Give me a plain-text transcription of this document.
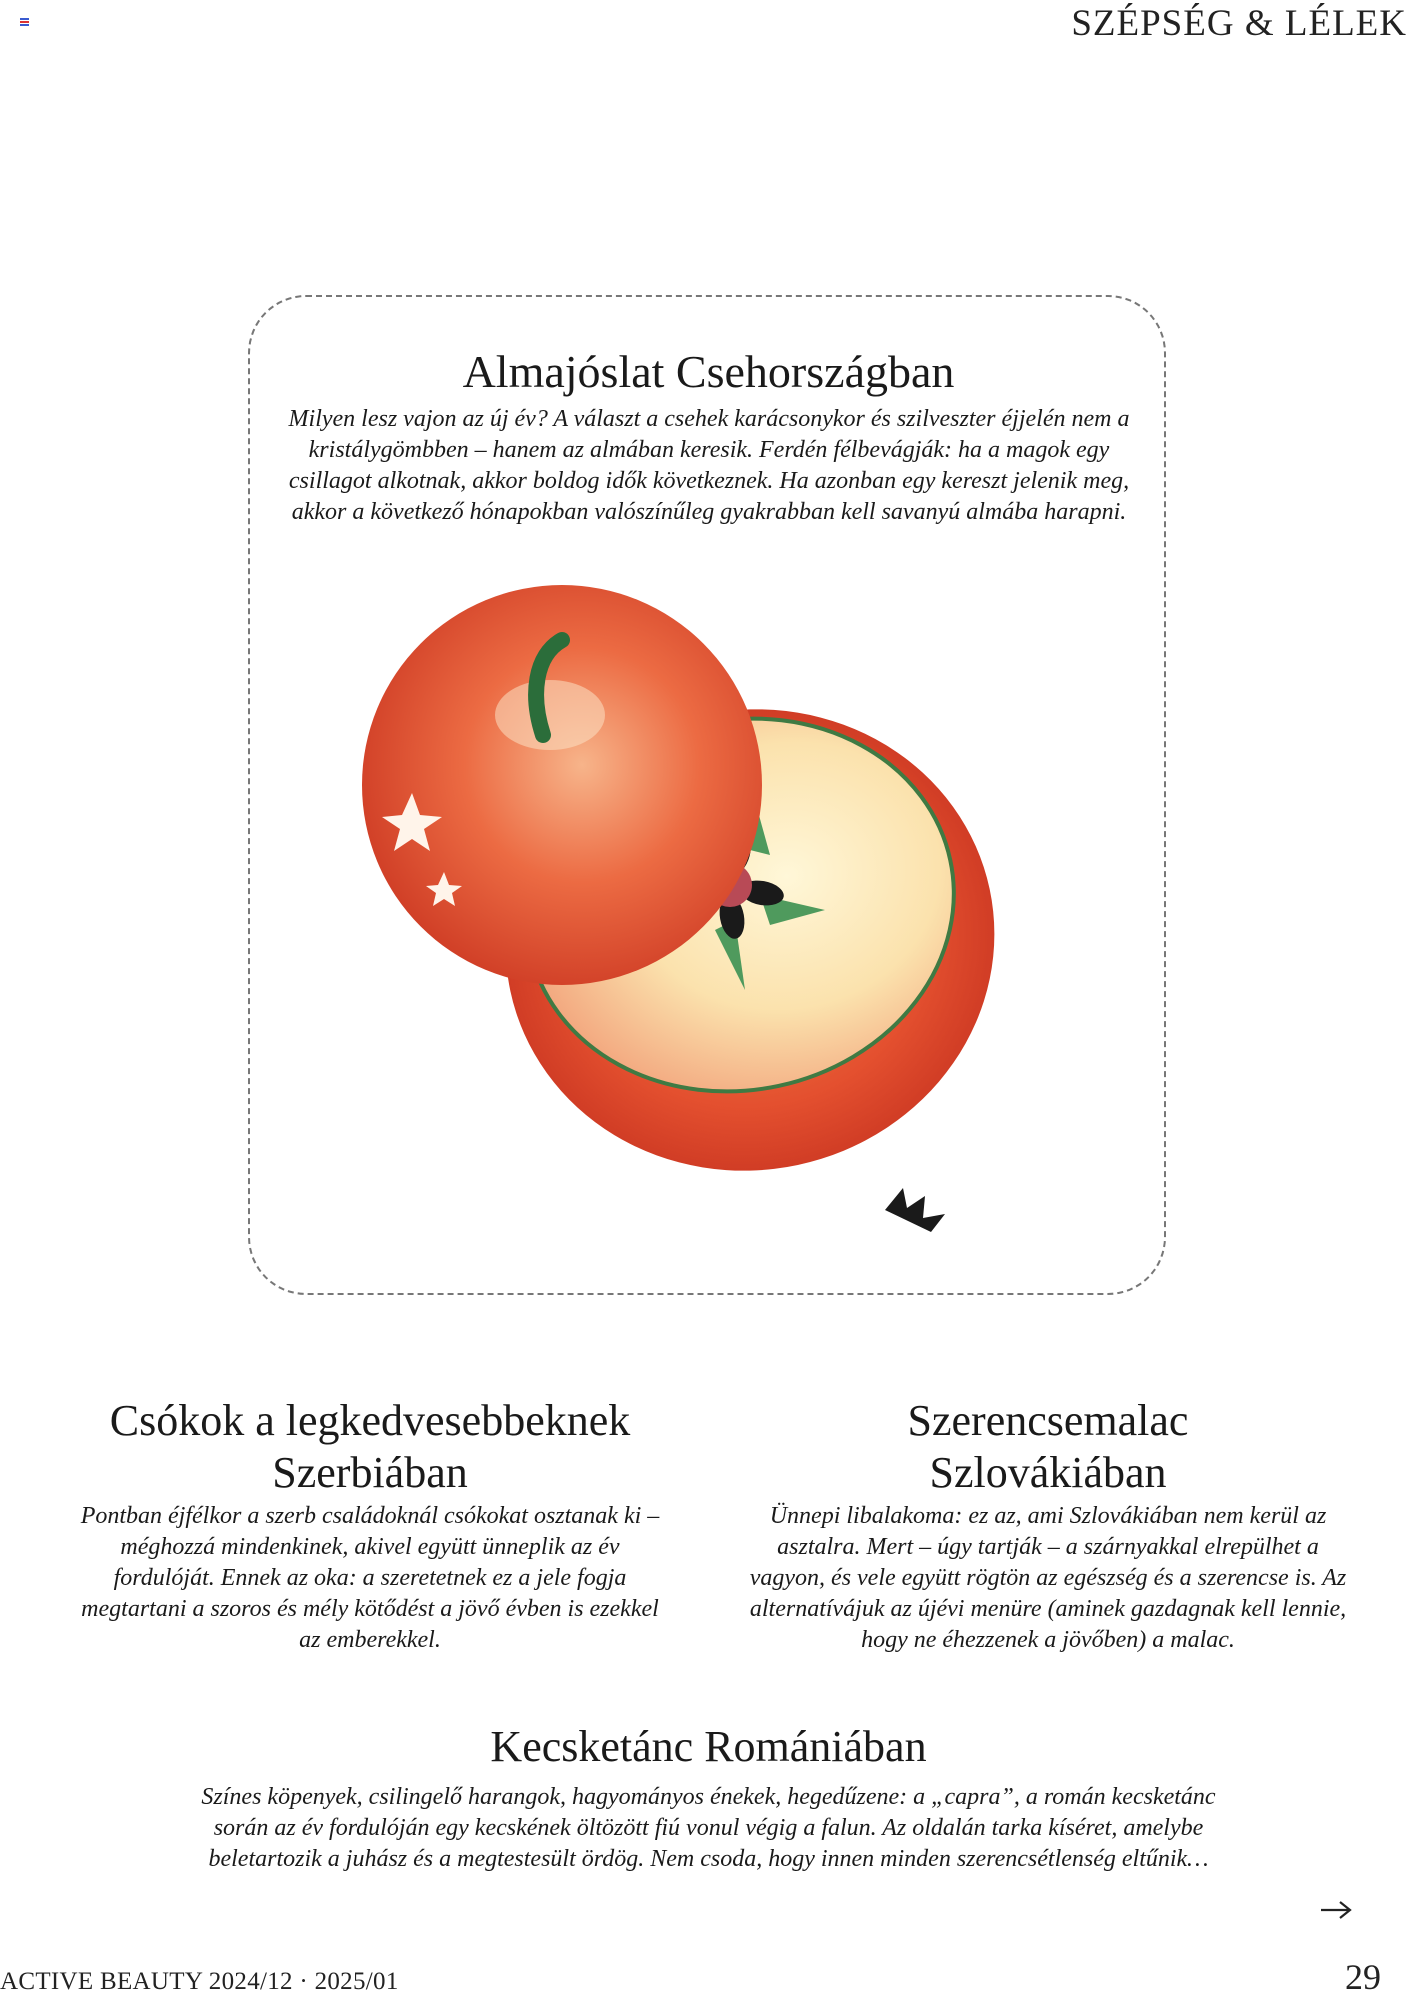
SZÉPSÉG & LÉLEK
Almajóslat Csehországban

Milyen lesz vajon az új év? A választ a csehek karácsonykor és szilveszter éjjelén nem a kristálygömbben – hanem az almában keresik. Ferdén félbevágják: ha a magok egy csillagot alkotnak, akkor boldog idők következnek. Ha azonban egy kereszt jelenik meg, akkor a következő hónapokban valószínűleg gyakrabban kell savanyú almába harapni.

Csókok a legkedvesebbeknek
Szerbiában

Pontban éjfélkor a szerb családoknál csókokat osztanak ki – méghozzá mindenkinek, akivel együtt ünneplik az év fordulóját. Ennek az oka: a szeretetnek ez a jele fogja megtartani a szoros és mély kötődést a jövő évben is ezekkel az emberekkel.

Szerencsemalac
Szlovákiában

Ünnepi libalakoma: ez az, ami Szlovákiában nem kerül az asztalra. Mert – úgy tartják – a szárnyakkal elrepülhet a vagyon, és vele együtt rögtön az egészség és a szerencse is. Az alternatívájuk az újévi menüre (aminek gazdagnak kell lennie, hogy ne éhezzenek a jövőben) a malac.

Kecsketánc Romániában

Színes köpenyek, csilingelő harangok, hagyományos énekek, hegedűzene: a „capra”, a román kecsketánc során az év fordulóján egy kecskének öltözött fiú vonul végig a falun. Az oldalán tarka kíséret, amelybe beletartozik a juhász és a megtestesült ördög. Nem csoda, hogy innen minden szerencsétlenség eltűnik…

ACTIVE BEAUTY 2024/12 · 2025/01	29
